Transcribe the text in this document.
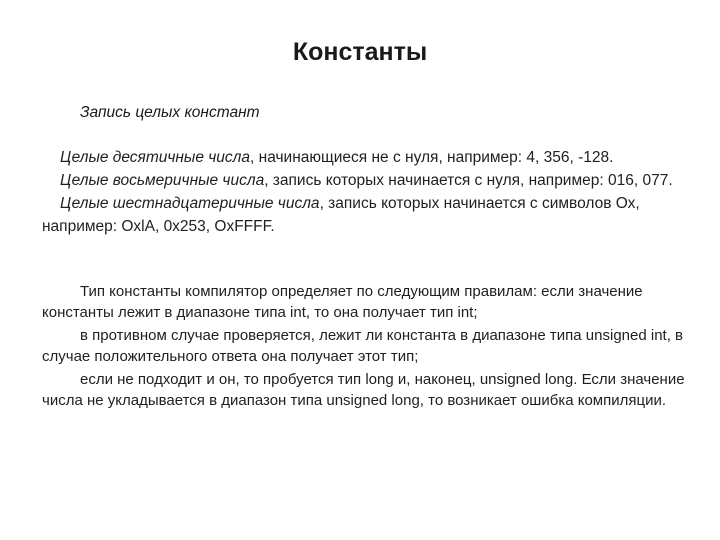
Константы
Запись целых констант

Целые десятичные числа, начинающиеся не с нуля, например: 4, 356, -128.

Целые восьмеричные числа, запись которых начинается с нуля, например: 016, 077.

Целые шестнадцатеричные числа, запись которых начинается с символов Ох, например: OxlA, 0x253, OxFFFF.

Тип константы компилятор определяет по следующим правилам: если значение константы лежит в диапазоне типа int, то она получает тип int;

в противном случае проверяется, лежит ли константа в диапазоне типа unsigned int, в случае положительного ответа она получает этот тип;

если не подходит и он, то пробуется тип long и, наконец, unsigned long. Если значение числа не укладывается в диапазон типа unsigned long, то возникает ошибка компиляции.
